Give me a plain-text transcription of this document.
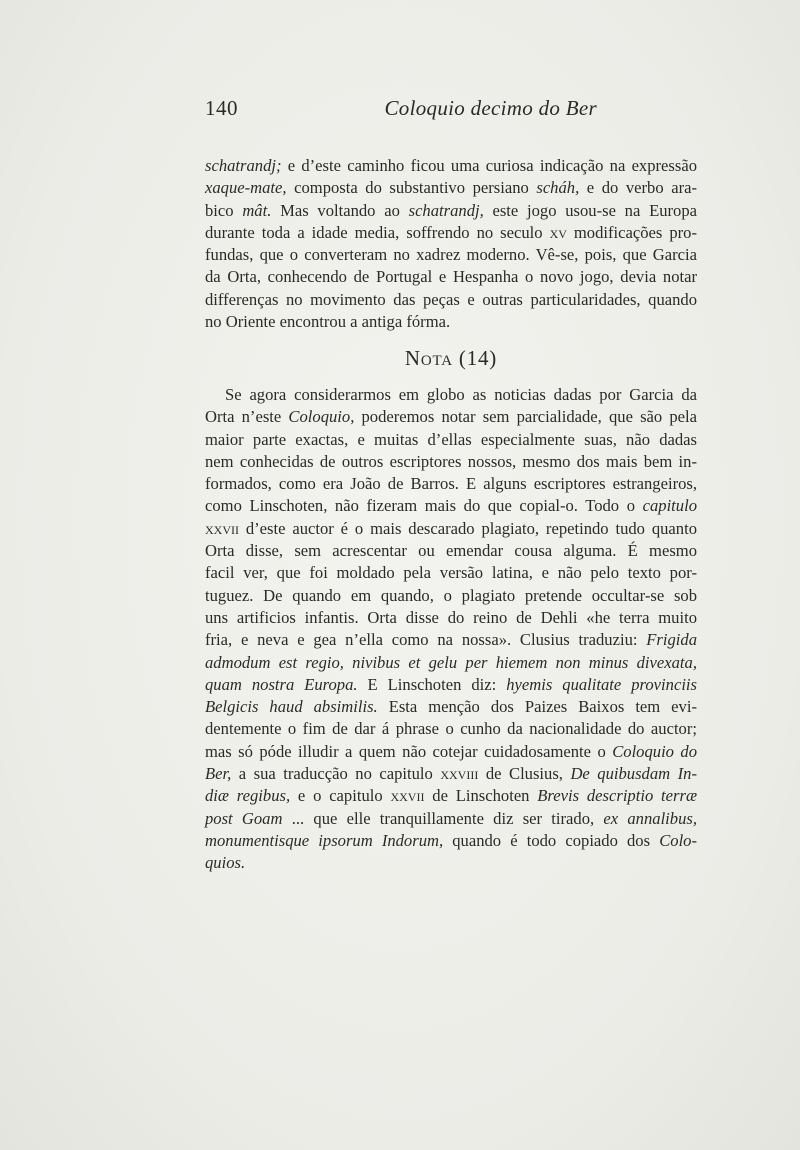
140	Coloquio decimo do Ber
schatrandj; e d’este caminho ficou uma curiosa indicação na expressão
xaque-mate, composta do substantivo persiano scháh, e do verbo ara-
bico mât. Mas voltando ao schatrandj, este jogo usou-se na Europa
durante toda a idade media, soffrendo no seculo xv modificações pro-
fundas, que o converteram no xadrez moderno. Vê-se, pois, que Garcia
da Orta, conhecendo de Portugal e Hespanha o novo jogo, devia notar
differenças no movimento das peças e outras particularidades, quando
no Oriente encontrou a antiga fórma.
Nota (14)
Se agora considerarmos em globo as noticias dadas por Garcia da
Orta n’este Coloquio, poderemos notar sem parcialidade, que são pela
maior parte exactas, e muitas d’ellas especialmente suas, não dadas
nem conhecidas de outros escriptores nossos, mesmo dos mais bem in-
formados, como era João de Barros. E alguns escriptores estrangeiros,
como Linschoten, não fizeram mais do que copial-o. Todo o capitulo
xxvii d’este auctor é o mais descarado plagiato, repetindo tudo quanto
Orta disse, sem acrescentar ou emendar cousa alguma. É mesmo
facil ver, que foi moldado pela versão latina, e não pelo texto por-
tuguez. De quando em quando, o plagiato pretende occultar-se sob
uns artificios infantis. Orta disse do reino de Dehli «he terra muito
fria, e neva e gea n’ella como na nossa». Clusius traduziu: Frigida
admodum est regio, nivibus et gelu per hiemem non minus divexata,
quam nostra Europa. E Linschoten diz: hyemis qualitate provinciis
Belgicis haud absimilis. Esta menção dos Paizes Baixos tem evi-
dentemente o fim de dar á phrase o cunho da nacionalidade do auctor;
mas só póde illudir a quem não cotejar cuidadosamente o Coloquio do
Ber, a sua traducção no capitulo xxviii de Clusius, De quibusdam In-
diæ regibus, e o capitulo xxvii de Linschoten Brevis descriptio terræ
post Goam ... que elle tranquillamente diz ser tirado, ex annalibus,
monumentisque ipsorum Indorum, quando é todo copiado dos Colo-
quios.
